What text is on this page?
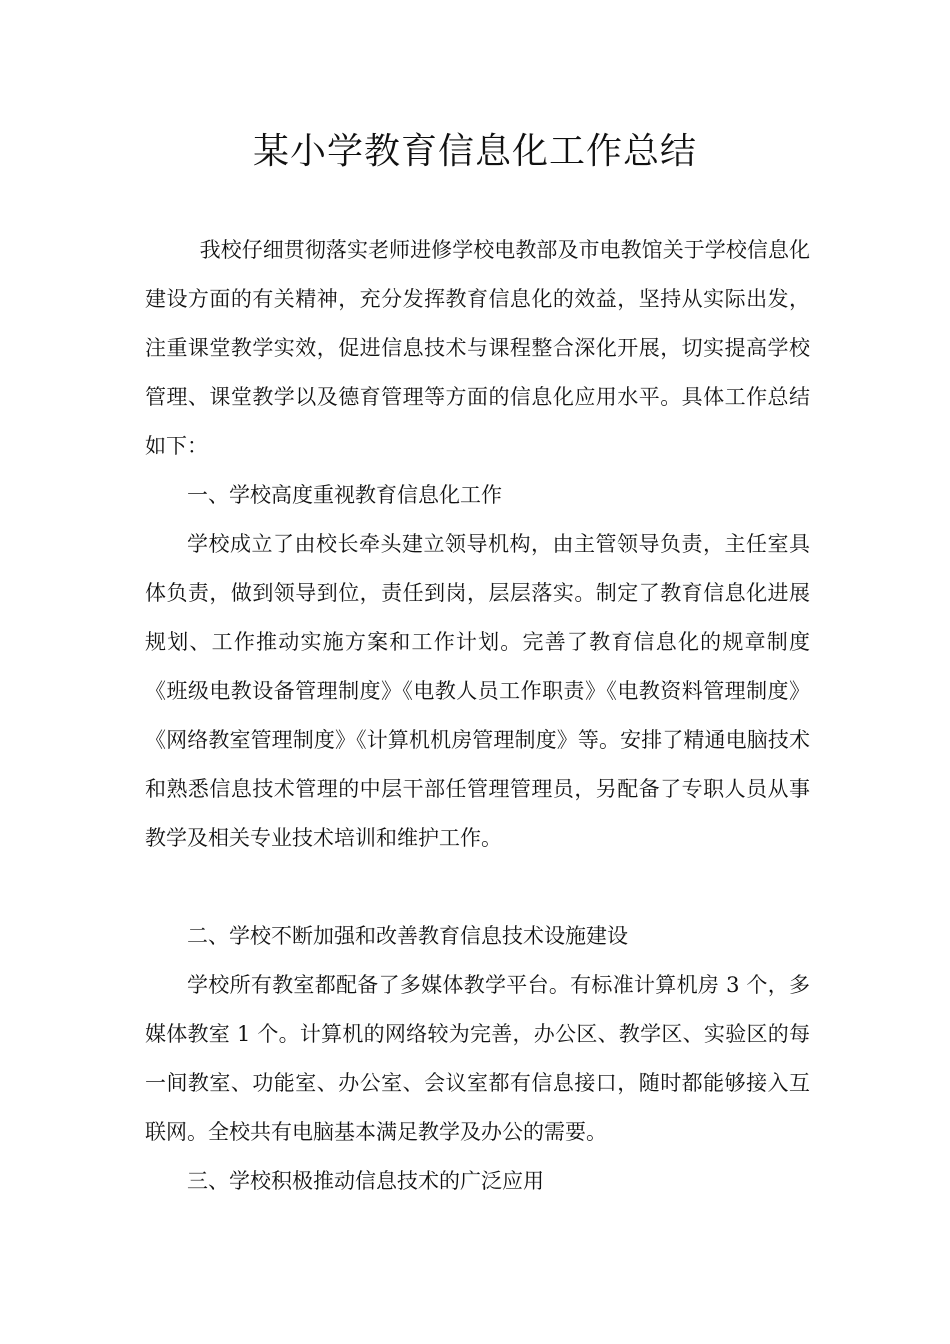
某小学教育信息化工作总结

我校仔细贯彻落实老师进修学校电教部及市电教馆关于学校信息化建设方面的有关精神，充分发挥教育信息化的效益，坚持从实际出发，注重课堂教学实效，促进信息技术与课程整合深化开展，切实提高学校管理、课堂教学以及德育管理等方面的信息化应用水平。具体工作总结如下：

一、学校高度重视教育信息化工作

学校成立了由校长牵头建立领导机构，由主管领导负责，主任室具体负责，做到领导到位，责任到岗，层层落实。制定了教育信息化进展规划、工作推动实施方案和工作计划。完善了教育信息化的规章制度《班级电教设备管理制度》《电教人员工作职责》《电教资料管理制度》《网络教室管理制度》《计算机机房管理制度》等。安排了精通电脑技术和熟悉信息技术管理的中层干部任管理管理员，另配备了专职人员从事教学及相关专业技术培训和维护工作。

二、学校不断加强和改善教育信息技术设施建设

学校所有教室都配备了多媒体教学平台。有标准计算机房 3 个，多媒体教室 1 个。计算机的网络较为完善，办公区、教学区、实验区的每一间教室、功能室、办公室、会议室都有信息接口，随时都能够接入互联网。全校共有电脑基本满足教学及办公的需要。

三、学校积极推动信息技术的广泛应用
